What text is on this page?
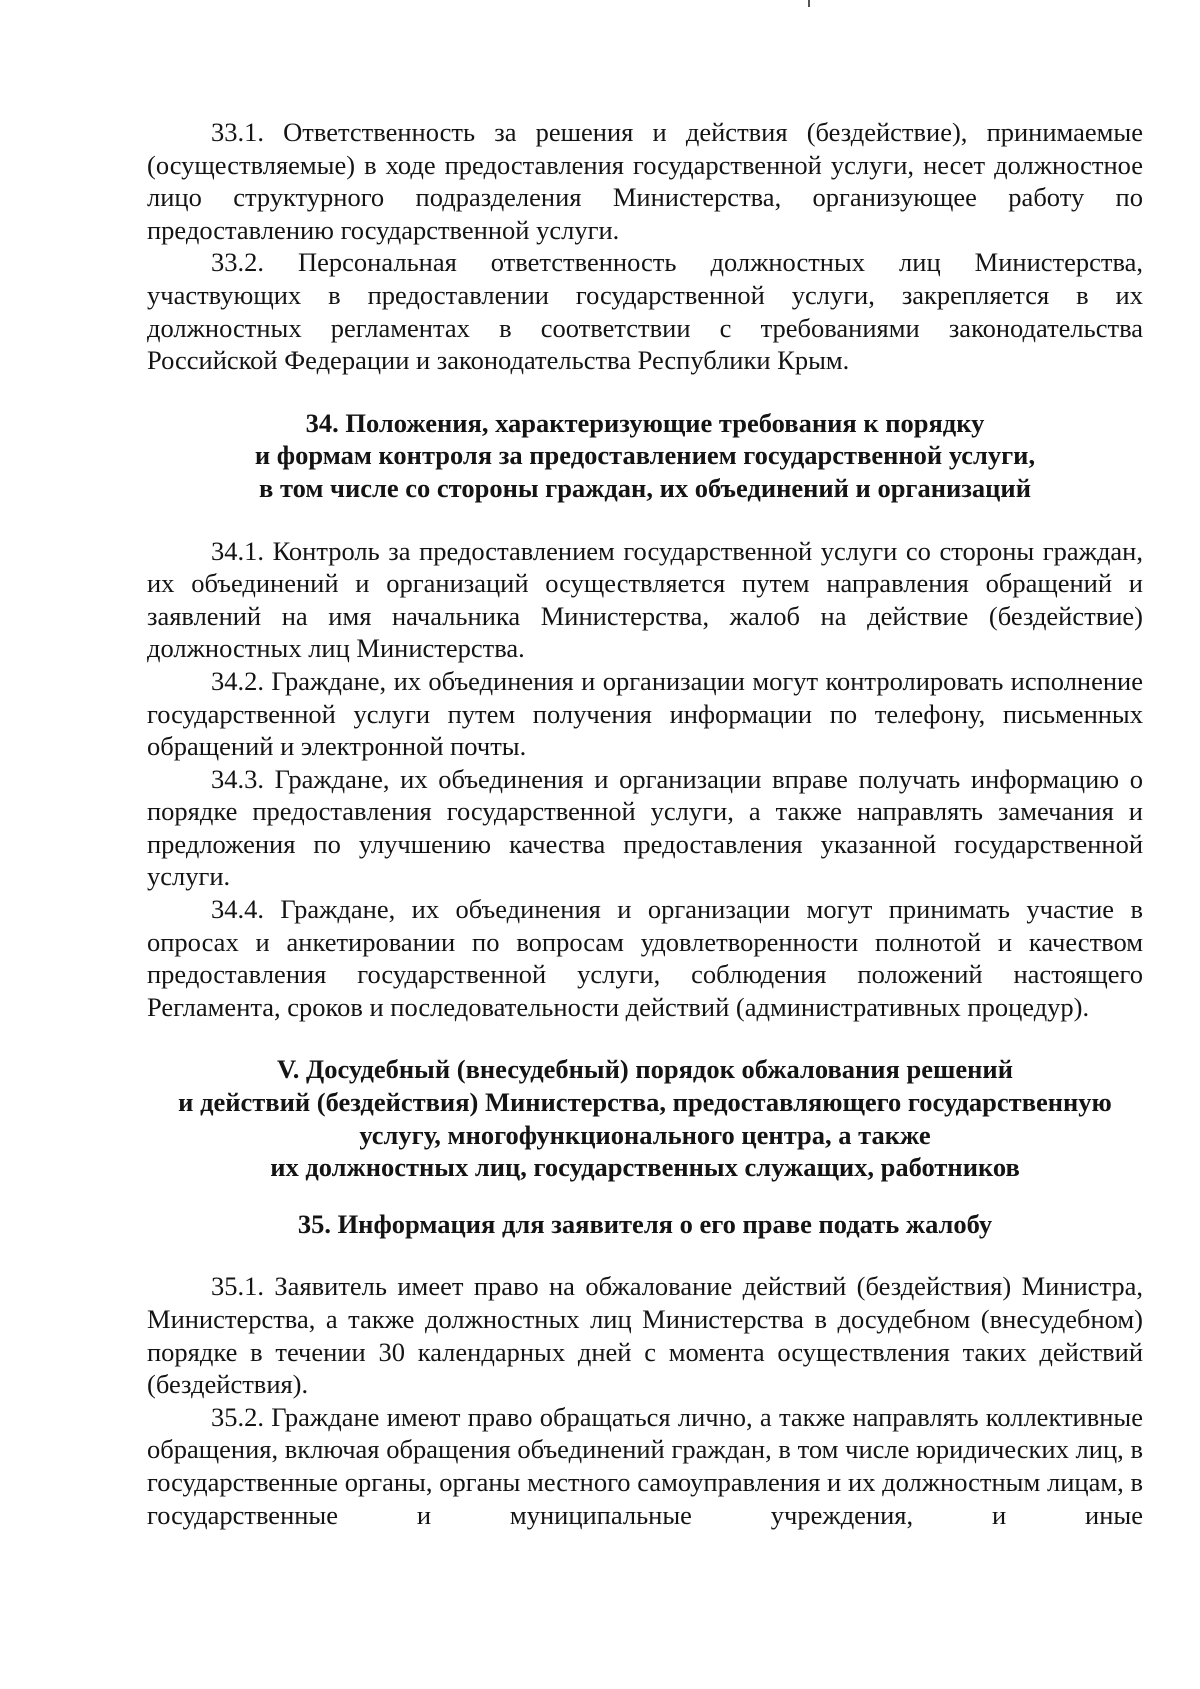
33.1. Ответственность за решения и действия (бездействие), принимаемые (осуществляемые) в ходе предоставления государственной услуги, несет должностное лицо структурного подразделения Министерства, организующее работу по предоставлению государственной услуги.

33.2. Персональная ответственность должностных лиц Министерства, участвующих в предоставлении государственной услуги, закрепляется в их должностных регламентах в соответствии с требованиями законодательства Российской Федерации и законодательства Республики Крым.

34. Положения, характеризующие требования к порядку
и формам контроля за предоставлением государственной услуги,
в том числе со стороны граждан, их объединений и организаций

34.1. Контроль за предоставлением государственной услуги со стороны граждан, их объединений и организаций осуществляется путем направления обращений и заявлений на имя начальника Министерства, жалоб на действие (бездействие) должностных лиц Министерства.

34.2. Граждане, их объединения и организации могут контролировать исполнение государственной услуги путем получения информации по телефону, письменных обращений и электронной почты.

34.3. Граждане, их объединения и организации вправе получать информацию о порядке предоставления государственной услуги, а также направлять замечания и предложения по улучшению качества предоставления указанной государственной услуги.

34.4. Граждане, их объединения и организации могут принимать участие в опросах и анкетировании по вопросам удовлетворенности полнотой и качеством предоставления государственной услуги, соблюдения положений настоящего Регламента, сроков и последовательности действий (административных процедур).

V. Досудебный (внесудебный) порядок обжалования решений
и действий (бездействия) Министерства, предоставляющего государственную
услугу, многофункционального центра, а также
их должностных лиц, государственных служащих, работников
35. Информация для заявителя о его праве подать жалобу

35.1. Заявитель имеет право на обжалование действий (бездействия) Министра, Министерства, а также должностных лиц Министерства в досудебном (внесудебном) порядке в течении 30 календарных дней с момента осуществления таких действий (бездействия).

35.2. Граждане имеют право обращаться лично, а также направлять коллективные обращения, включая обращения объединений граждан, в том числе юридических лиц, в государственные органы, органы местного самоуправления и их должностным лицам, в государственные и муниципальные учреждения, и иные
